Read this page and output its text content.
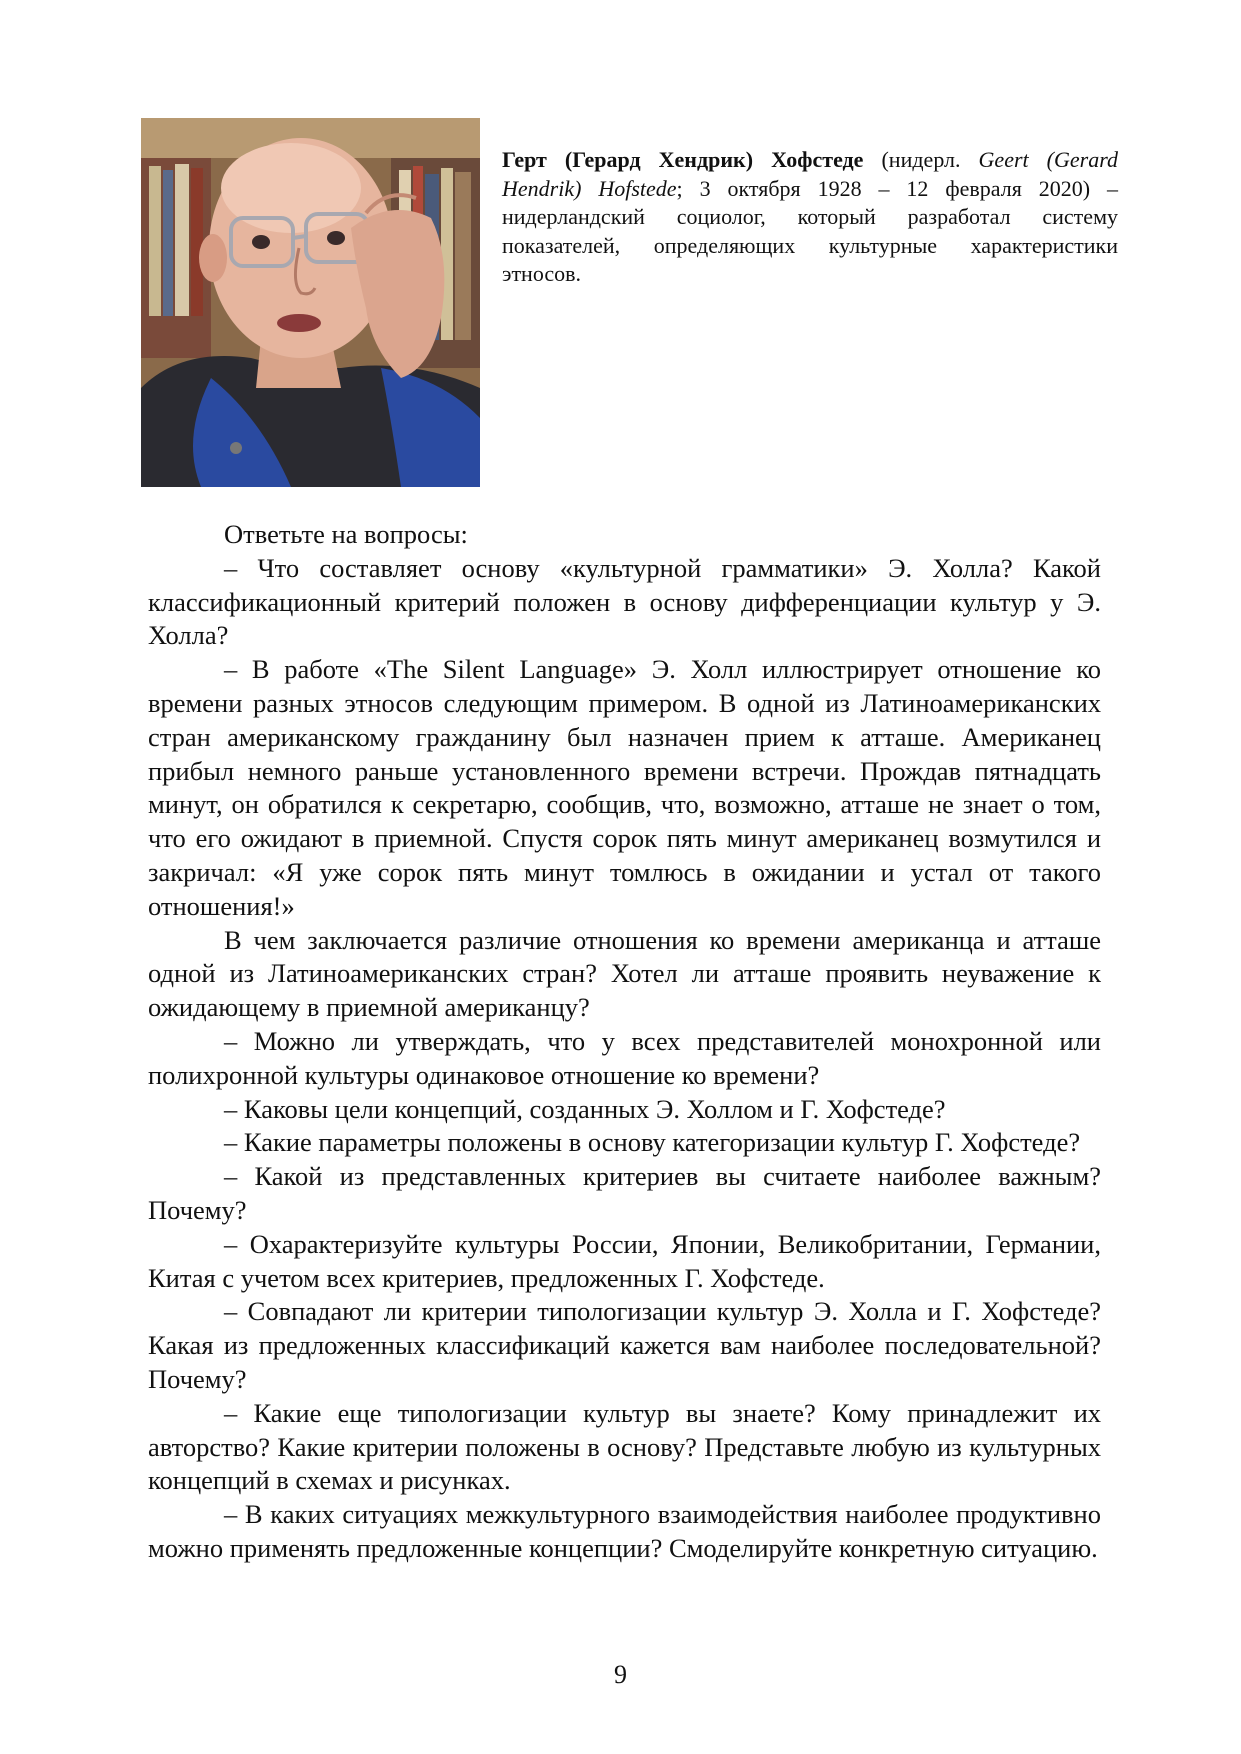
Герт (Герард Хендрик) Хофстеде (нидерл. Geert (Gerard Hendrik) Hofstede; 3 октября 1928 – 12 февраля 2020) – нидерландский социолог, который разработал систему показателей, определяющих культурные характеристики этносов.

Ответьте на вопросы:

– Что составляет основу «культурной грамматики» Э. Холла? Какой классификационный критерий положен в основу дифференциации культур у Э. Холла?

– В работе «The Silent Language» Э. Холл иллюстрирует отношение ко времени разных этносов следующим примером. В одной из Латиноамериканских стран американскому гражданину был назначен прием к атташе. Американец прибыл немного раньше установленного времени встречи. Прождав пятнадцать минут, он обратился к секретарю, сообщив, что, возможно, атташе не знает о том, что его ожидают в приемной. Спустя сорок пять минут американец возмутился и закричал: «Я уже сорок пять минут томлюсь в ожидании и устал от такого отношения!»

В чем заключается различие отношения ко времени американца и атташе одной из Латиноамериканских стран? Хотел ли атташе проявить неуважение к ожидающему в приемной американцу?

– Можно ли утверждать, что у всех представителей монохронной или полихронной культуры одинаковое отношение ко времени?

– Каковы цели концепций, созданных Э. Холлом и Г. Хофстеде?

– Какие параметры положены в основу категоризации культур Г. Хофстеде?

– Какой из представленных критериев вы считаете наиболее важным? Почему?

– Охарактеризуйте культуры России, Японии, Великобритании, Германии, Китая с учетом всех критериев, предложенных Г. Хофстеде.

– Совпадают ли критерии типологизации культур Э. Холла и Г. Хофстеде? Какая из предложенных классификаций кажется вам наиболее последовательной? Почему?

– Какие еще типологизации культур вы знаете? Кому принадлежит их авторство? Какие критерии положены в основу? Представьте любую из культурных концепций в схемах и рисунках.

– В каких ситуациях межкультурного взаимодействия наиболее продуктивно можно применять предложенные концепции? Смоделируйте конкретную ситуацию.

9
